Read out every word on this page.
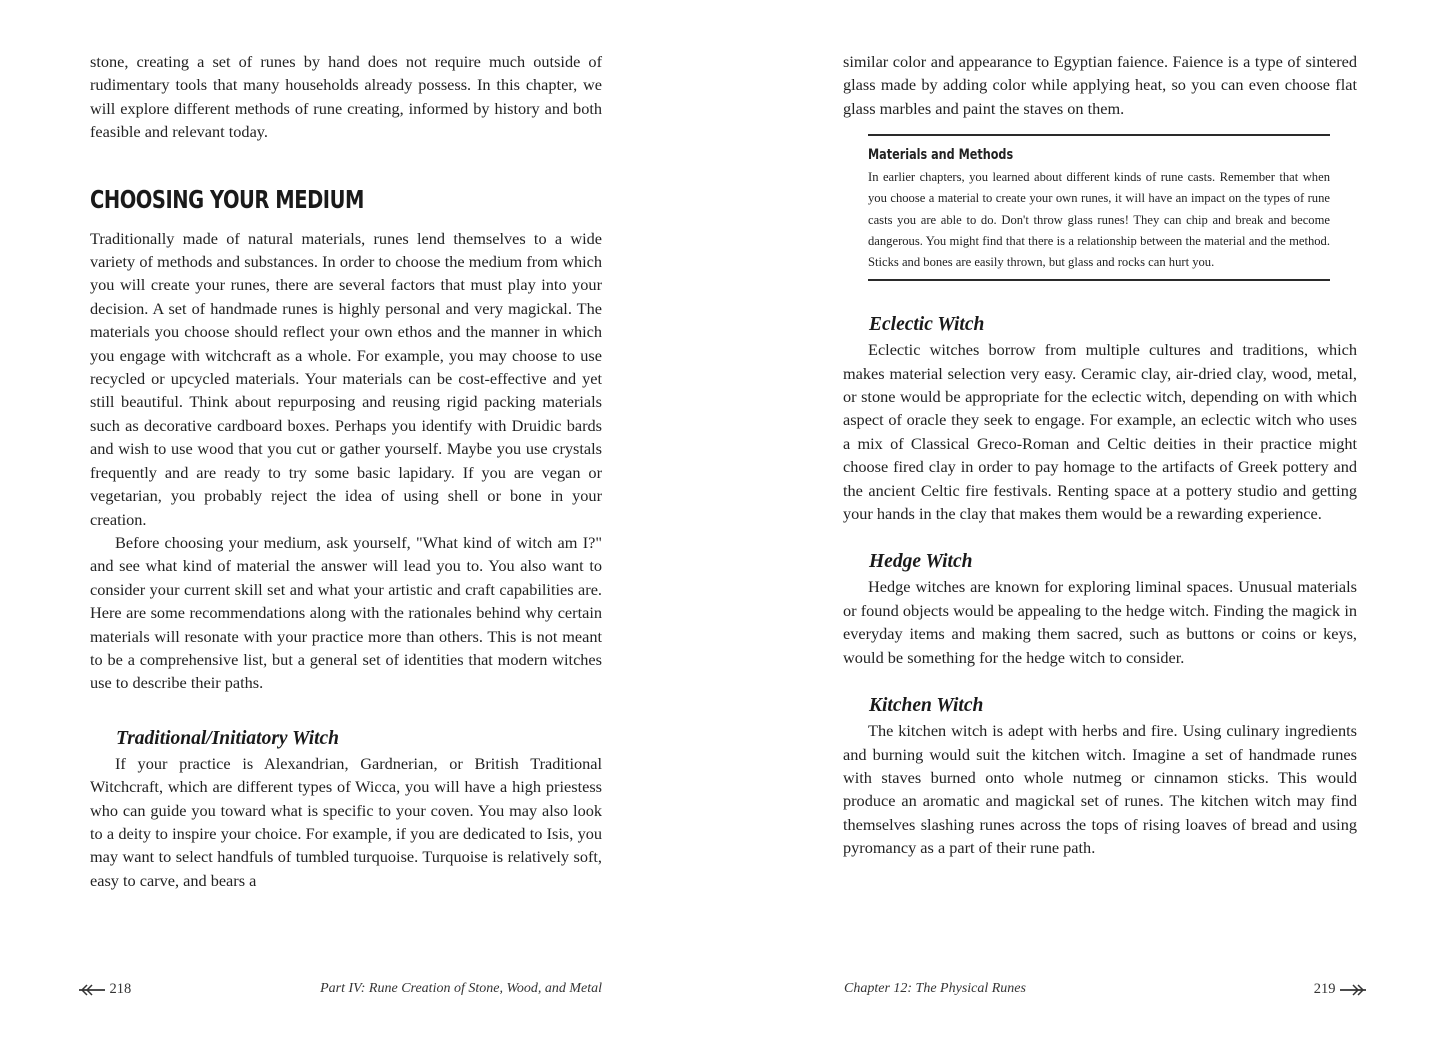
stone, creating a set of runes by hand does not require much outside of rudimentary tools that many households already possess. In this chapter, we will explore different methods of rune creating, informed by history and both feasible and relevant today.

CHOOSING YOUR MEDIUM

Traditionally made of natural materials, runes lend themselves to a wide variety of methods and substances. In order to choose the medium from which you will create your runes, there are several factors that must play into your decision. A set of handmade runes is highly personal and very magickal. The materials you choose should reflect your own ethos and the manner in which you engage with witchcraft as a whole. For example, you may choose to use recycled or upcycled materials. Your materials can be cost-effective and yet still beautiful. Think about repurposing and reusing rigid packing materials such as decorative cardboard boxes. Perhaps you identify with Druidic bards and wish to use wood that you cut or gather yourself. Maybe you use crystals frequently and are ready to try some basic lapidary. If you are vegan or vegetarian, you probably reject the idea of using shell or bone in your creation.

Before choosing your medium, ask yourself, "What kind of witch am I?" and see what kind of material the answer will lead you to. You also want to consider your current skill set and what your artistic and craft capabilities are. Here are some recommendations along with the rationales behind why certain materials will resonate with your practice more than others. This is not meant to be a comprehensive list, but a general set of identities that modern witches use to describe their paths.

Traditional/Initiatory Witch

If your practice is Alexandrian, Gardnerian, or British Traditional Witchcraft, which are different types of Wicca, you will have a high priestess who can guide you toward what is specific to your coven. You may also look to a deity to inspire your choice. For example, if you are dedicated to Isis, you may want to select handfuls of tumbled turquoise. Turquoise is relatively soft, easy to carve, and bears a

218	Part IV: Rune Creation of Stone, Wood, and Metal

similar color and appearance to Egyptian faience. Faience is a type of sintered glass made by adding color while applying heat, so you can even choose flat glass marbles and paint the staves on them.

Materials and Methods

In earlier chapters, you learned about different kinds of rune casts. Remember that when you choose a material to create your own runes, it will have an impact on the types of rune casts you are able to do. Don't throw glass runes! They can chip and break and become dangerous. You might find that there is a relationship between the material and the method. Sticks and bones are easily thrown, but glass and rocks can hurt you.

Eclectic Witch

Eclectic witches borrow from multiple cultures and traditions, which makes material selection very easy. Ceramic clay, air-dried clay, wood, metal, or stone would be appropriate for the eclectic witch, depending on with which aspect of oracle they seek to engage. For example, an eclectic witch who uses a mix of Classical Greco-Roman and Celtic deities in their practice might choose fired clay in order to pay homage to the artifacts of Greek pottery and the ancient Celtic fire festivals. Renting space at a pottery studio and getting your hands in the clay that makes them would be a rewarding experience.

Hedge Witch

Hedge witches are known for exploring liminal spaces. Unusual materials or found objects would be appealing to the hedge witch. Finding the magick in everyday items and making them sacred, such as buttons or coins or keys, would be something for the hedge witch to consider.

Kitchen Witch

The kitchen witch is adept with herbs and fire. Using culinary ingredients and burning would suit the kitchen witch. Imagine a set of handmade runes with staves burned onto whole nutmeg or cinnamon sticks. This would produce an aromatic and magickal set of runes. The kitchen witch may find themselves slashing runes across the tops of rising loaves of bread and using pyromancy as a part of their rune path.

Chapter 12: The Physical Runes	219
